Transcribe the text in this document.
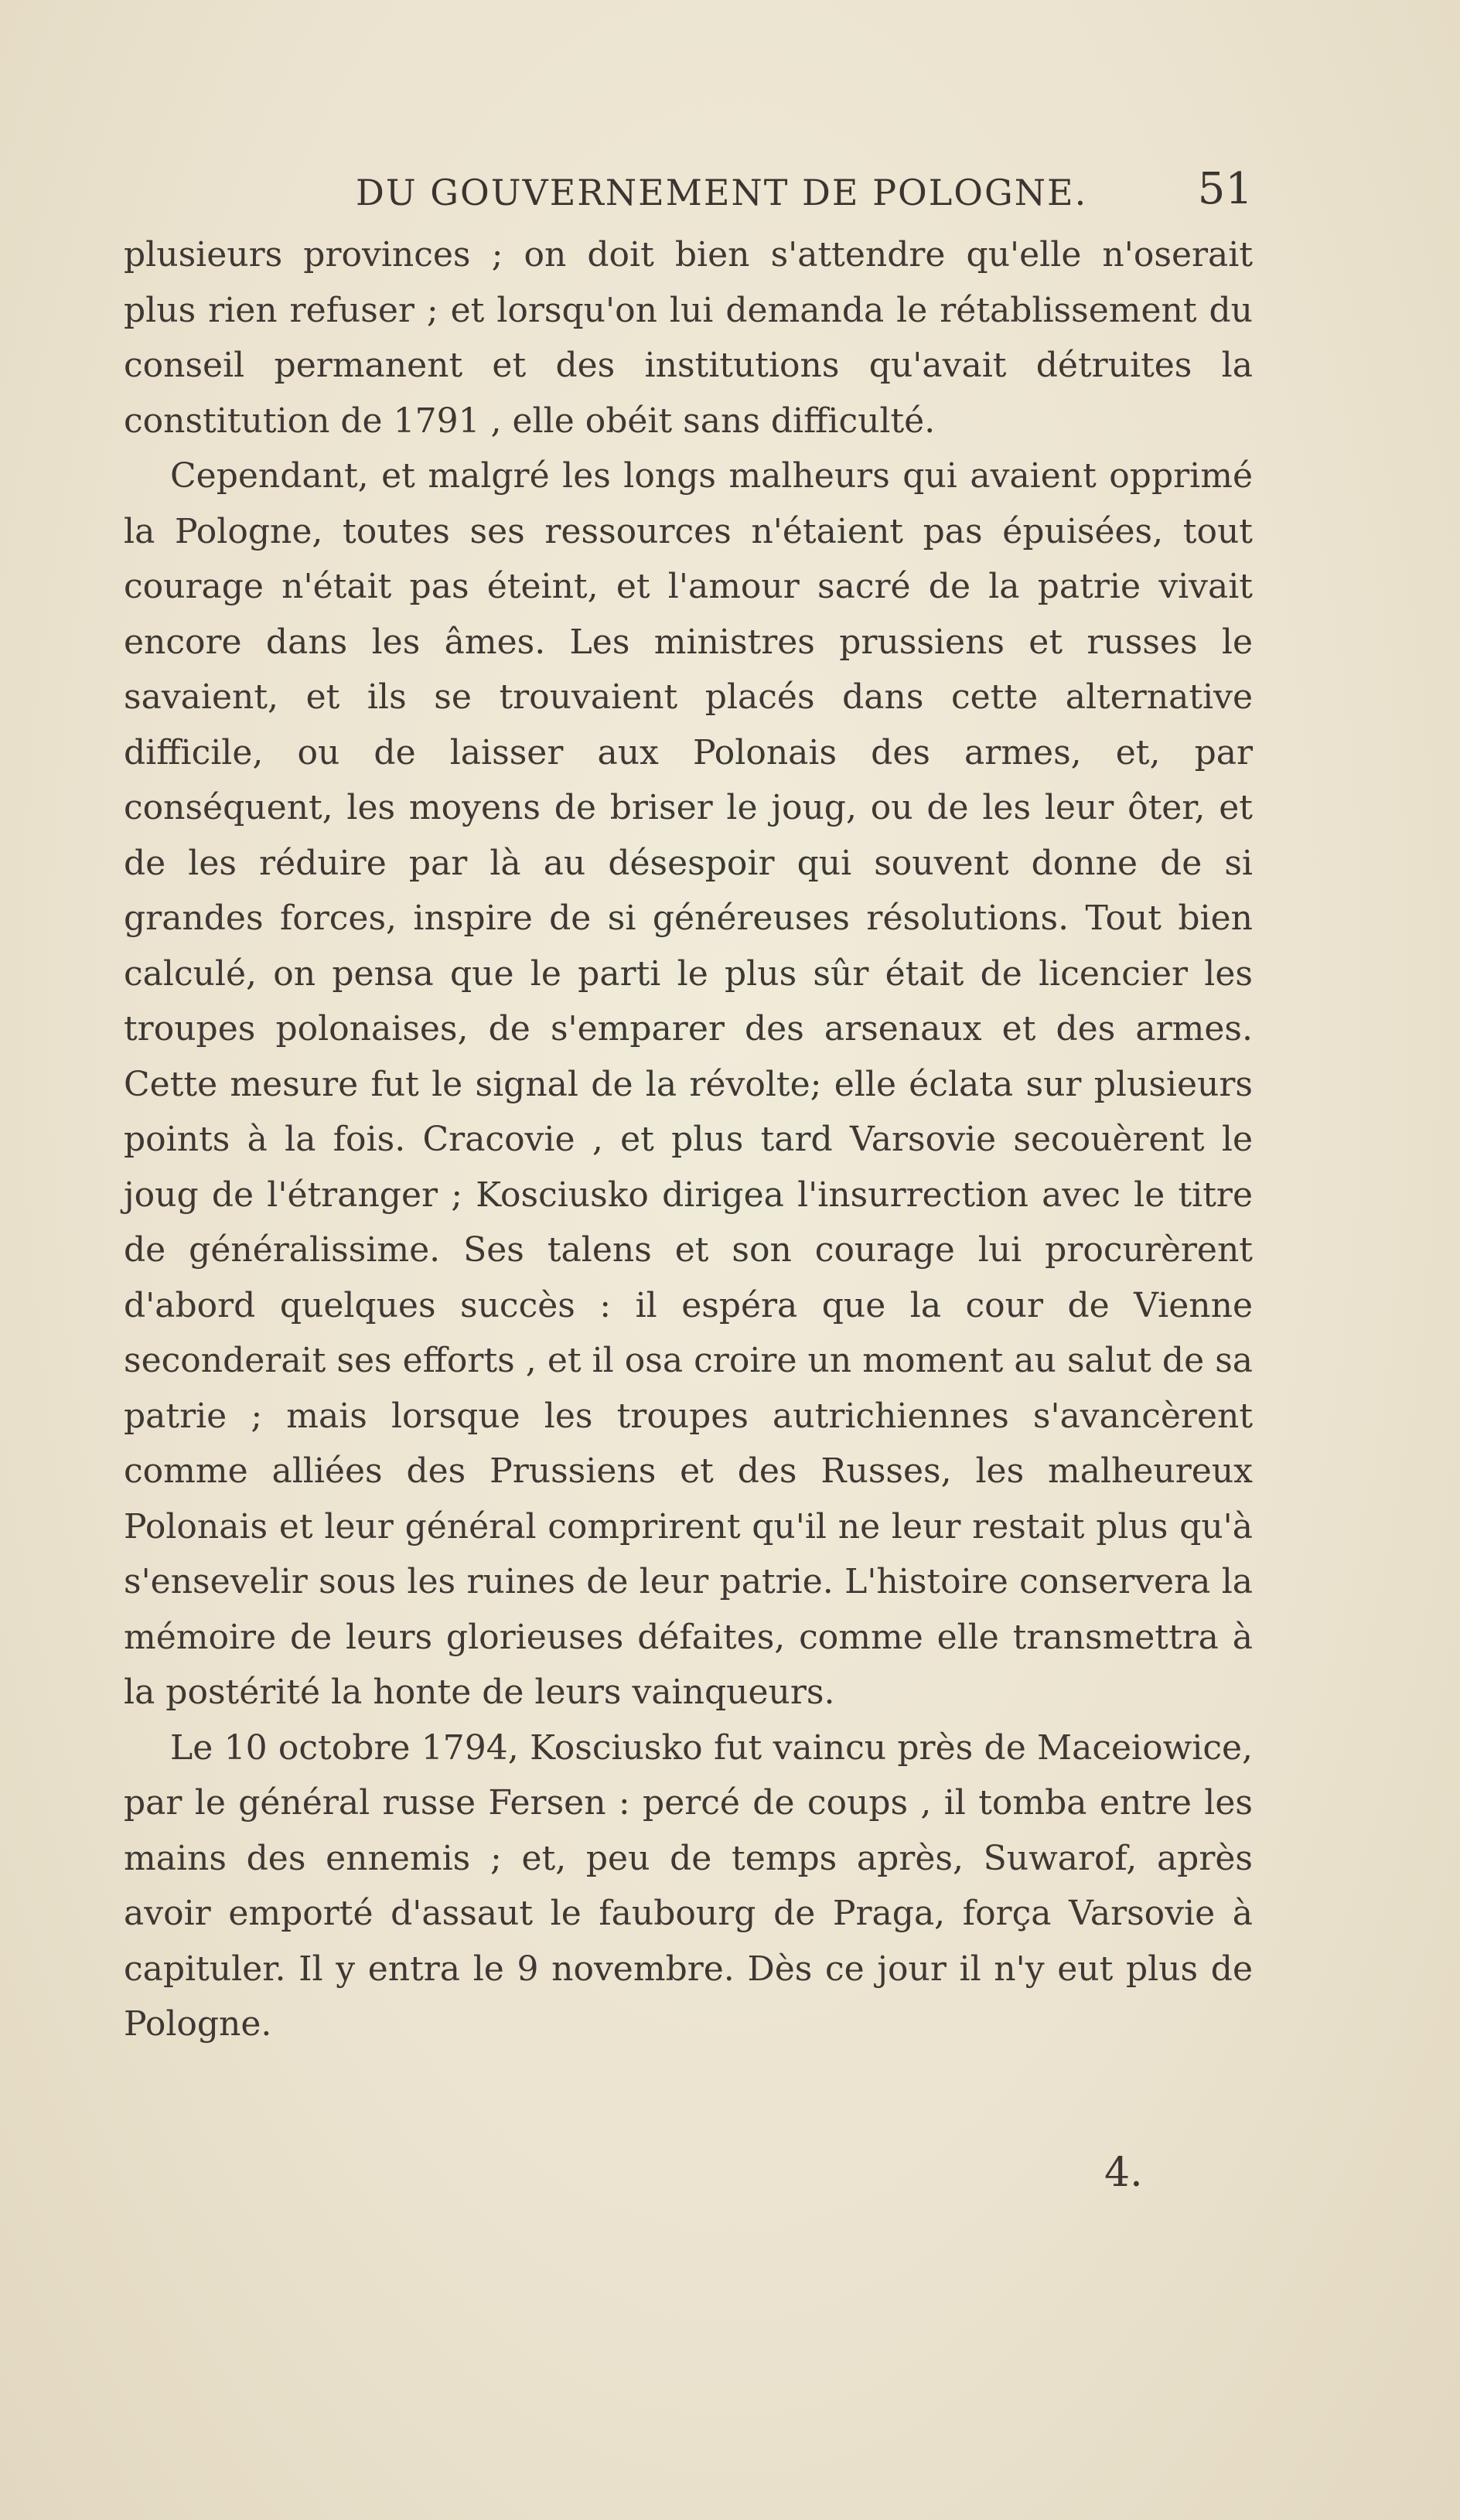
DU GOUVERNEMENT DE POLOGNE.	51

plusieurs provinces ; on doit bien s'attendre qu'elle n'oserait plus rien refuser ; et lorsqu'on lui demanda le rétablissement du conseil permanent et des institutions qu'avait détruites la constitution de 1791 , elle obéit sans difficulté.

Cependant, et malgré les longs malheurs qui avaient opprimé la Pologne, toutes ses ressources n'étaient pas épuisées, tout courage n'était pas éteint, et l'amour sacré de la patrie vivait encore dans les âmes. Les ministres prussiens et russes le savaient, et ils se trouvaient placés dans cette alternative difficile, ou de laisser aux Polonais des armes, et, par conséquent, les moyens de briser le joug, ou de les leur ôter, et de les réduire par là au désespoir qui souvent donne de si grandes forces, inspire de si généreuses résolutions. Tout bien calculé, on pensa que le parti le plus sûr était de licencier les troupes polonaises, de s'emparer des arsenaux et des armes. Cette mesure fut le signal de la révolte; elle éclata sur plusieurs points à la fois. Cracovie , et plus tard Varsovie secouèrent le joug de l'étranger ; Kosciusko dirigea l'insurrection avec le titre de généralissime. Ses talens et son courage lui procurèrent d'abord quelques succès : il espéra que la cour de Vienne seconderait ses efforts , et il osa croire un moment au salut de sa patrie ; mais lorsque les troupes autrichiennes s'avancèrent comme alliées des Prussiens et des Russes, les malheureux Polonais et leur général comprirent qu'il ne leur restait plus qu'à s'ensevelir sous les ruines de leur patrie. L'histoire conservera la mémoire de leurs glorieuses défaites, comme elle transmettra à la postérité la honte de leurs vainqueurs.

Le 10 octobre 1794, Kosciusko fut vaincu près de Maceiowice, par le général russe Fersen : percé de coups , il tomba entre les mains des ennemis ; et, peu de temps après, Suwarof, après avoir emporté d'assaut le faubourg de Praga, força Varsovie à capituler. Il y entra le 9 novembre. Dès ce jour il n'y eut plus de Pologne.

4.
